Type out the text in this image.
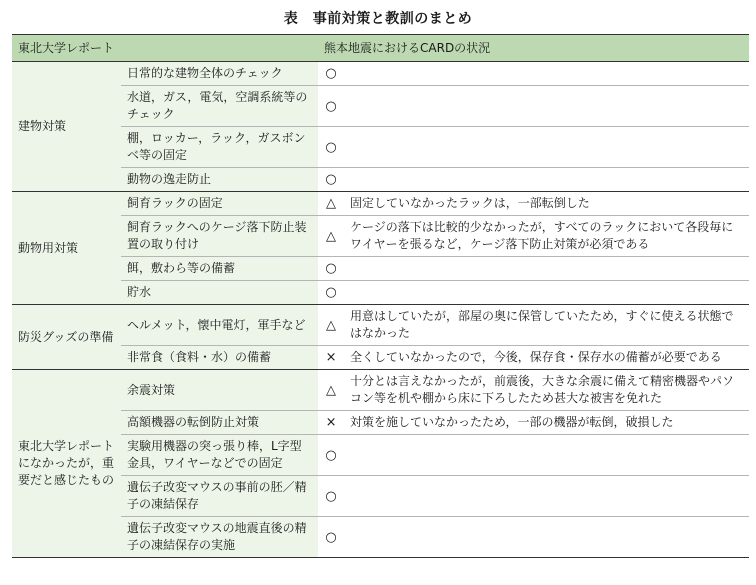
表　事前対策と教訓のまとめ
東北大学レポート		熊本地震におけるCARDの状況	
建物対策	日常的な建物全体のチェック	○	
	水道，ガス，電気，空調系統等のチェック	○	
	棚，ロッカー，ラック，ガスボンベ等の固定	○	
	動物の逸走防止	○	
動物用対策	飼育ラックの固定	△	固定していなかったラックは，一部転倒した
	飼育ラックへのケージ落下防止装置の取り付け	△	ケージの落下は比較的少なかったが，すべてのラックにおいて各段毎にワイヤーを張るなど，ケージ落下防止対策が必須である
	餌，敷わら等の備蓄	○	
	貯水	○	
防災グッズの準備	ヘルメット，懐中電灯，軍手など	△	用意はしていたが，部屋の奥に保管していたため，すぐに使える状態ではなかった
	非常食（食料・水）の備蓄	×	全くしていなかったので，今後，保存食・保存水の備蓄が必要である
東北大学レポートになかったが，重要だと感じたもの	余震対策	△	十分とは言えなかったが，前震後，大きな余震に備えて精密機器やパソコン等を机や棚から床に下ろしたため甚大な被害を免れた
	高額機器の転倒防止対策	×	対策を施していなかったため，一部の機器が転倒，破損した
	実験用機器の突っ張り棒，L字型金具，ワイヤーなどでの固定	○	
	遺伝子改変マウスの事前の胚／精子の凍結保存	○	
	遺伝子改変マウスの地震直後の精子の凍結保存の実施	○	
